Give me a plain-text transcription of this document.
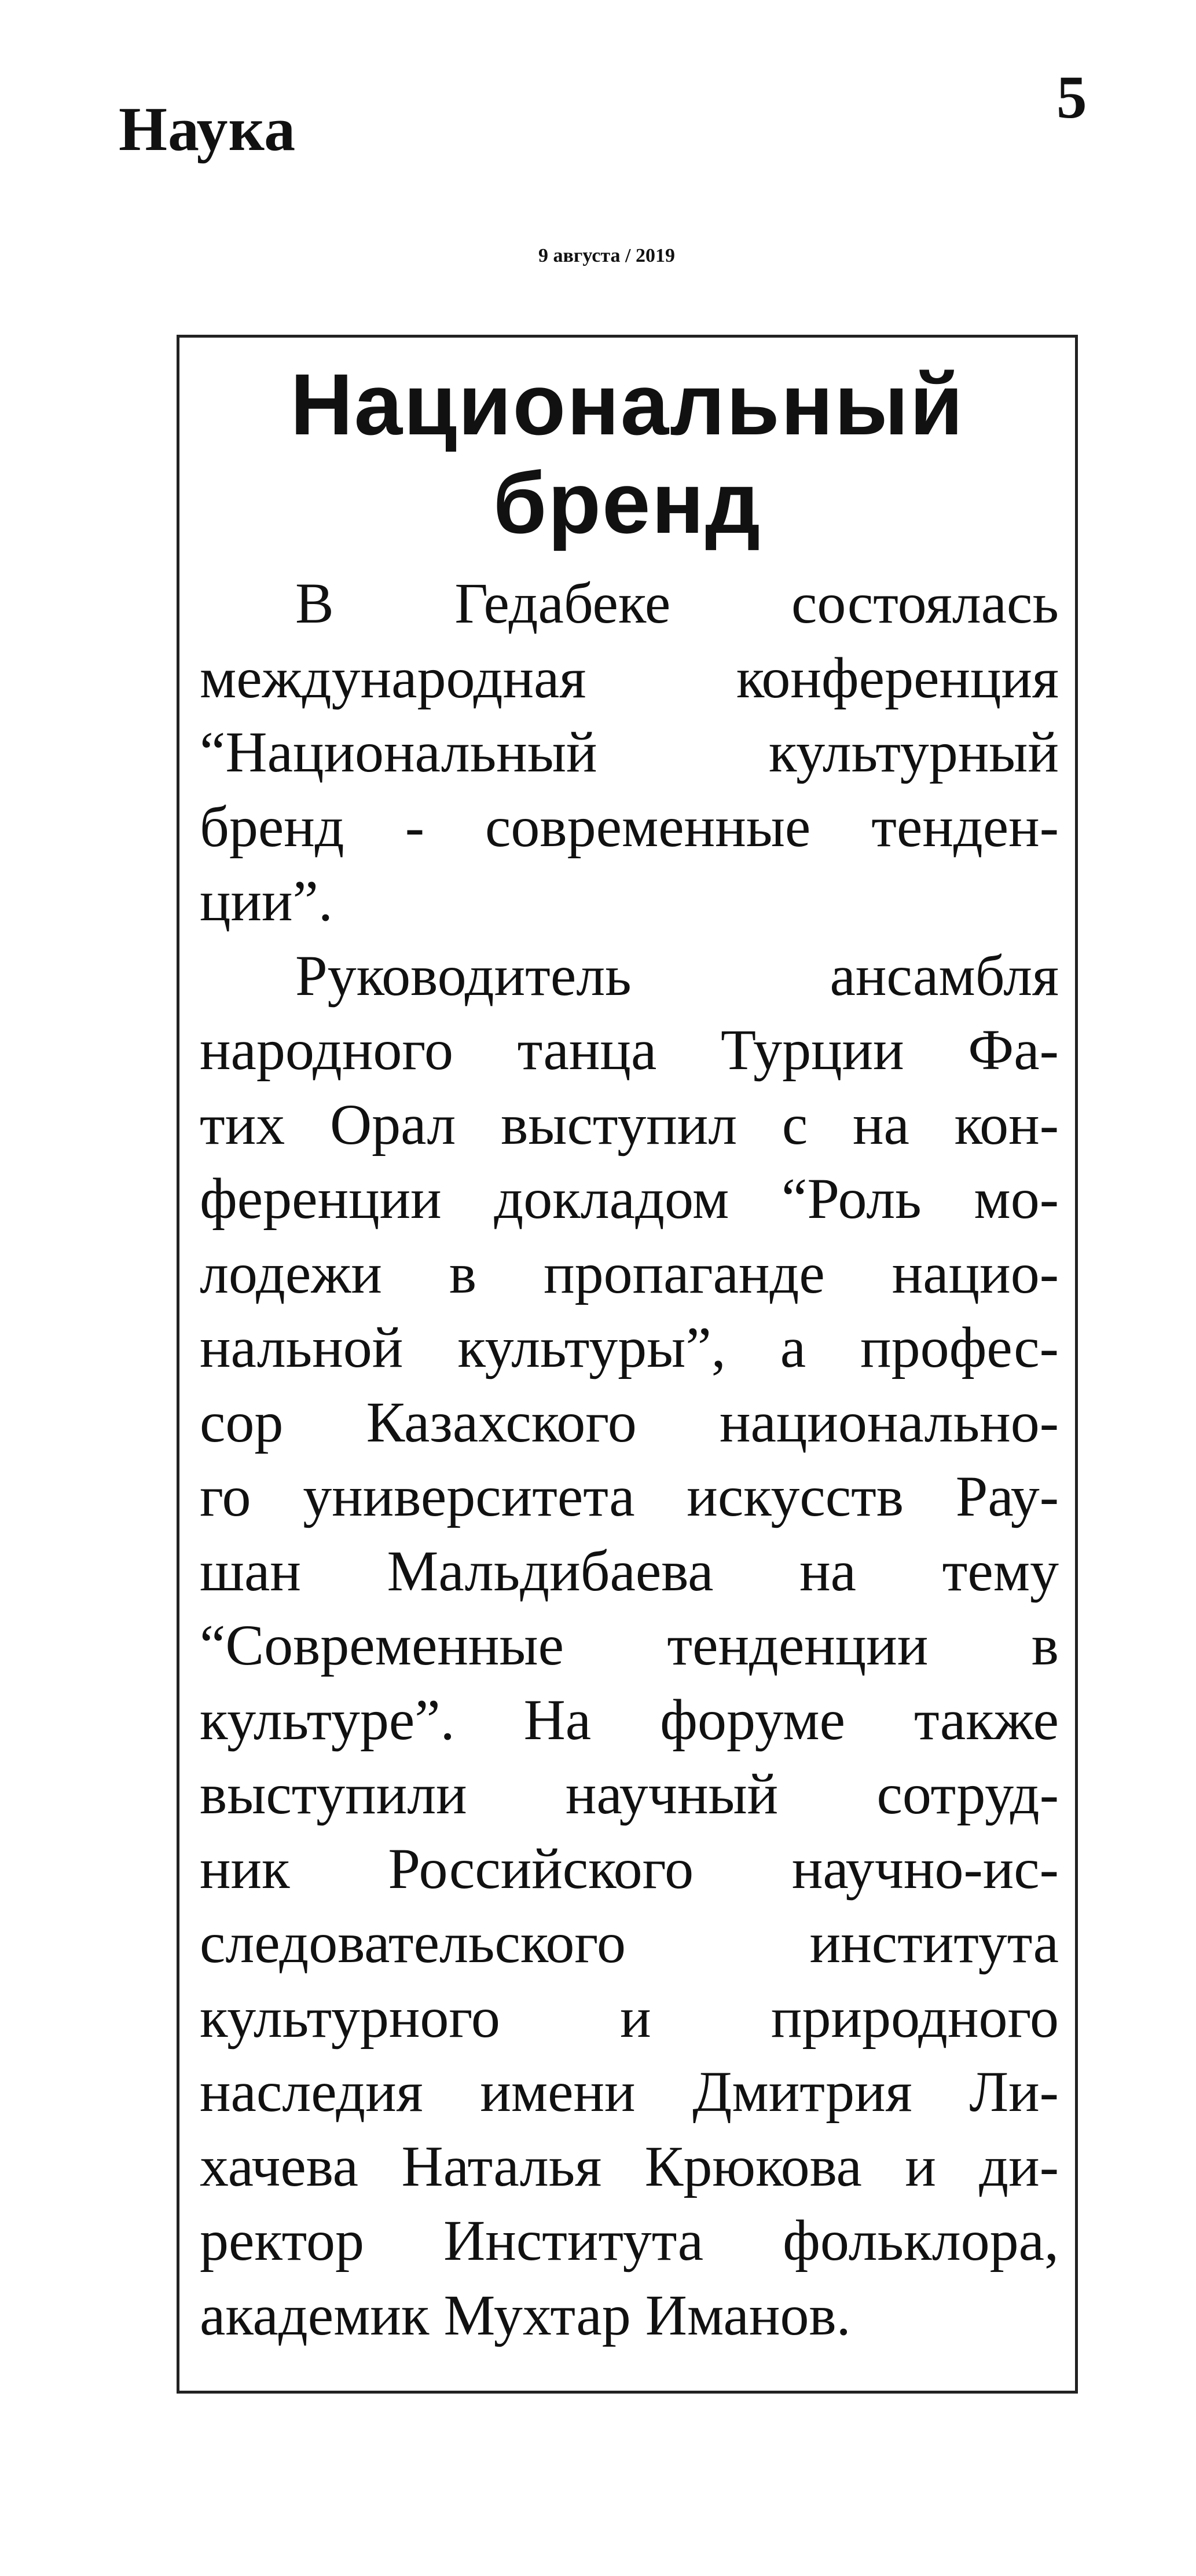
Наука	5
9 августа / 2019
Национальный
бренд

В Гедабеке состоялась
международная конференция
“Национальный культурный
бренд - современные тенден-
ции”.

Руководитель ансамбля
народного танца Турции Фа-
тих Орал выступил с на кон-
ференции докладом “Роль мо-
лодежи в пропаганде нацио-
нальной культуры”, а профес-
сор Казахского национально-
го университета искусств Рау-
шан Мальдибаева на тему
“Современные тенденции в
культуре”. На форуме также
выступили научный сотруд-
ник Российского научно-ис-
следовательского института
культурного и природного
наследия имени Дмитрия Ли-
хачева Наталья Крюкова и ди-
ректор Института фольклора,
академик Мухтар Иманов.
